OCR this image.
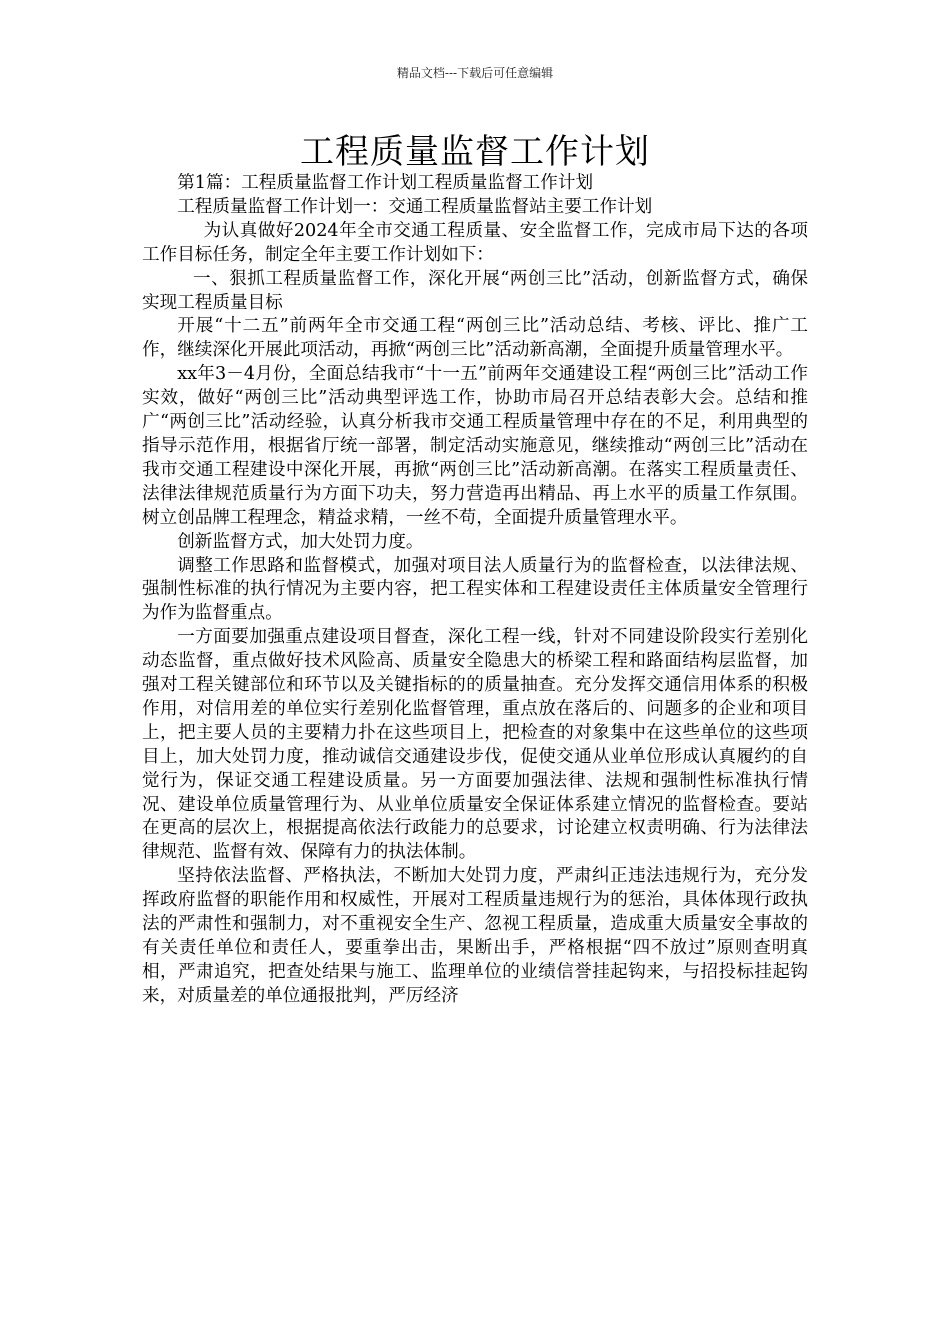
精品文档---下载后可任意编辑
工程质量监督工作计划

第1篇：工程质量监督工作计划工程质量监督工作计划

工程质量监督工作计划一：交通工程质量监督站主要工作计划

为认真做好2024年全市交通工程质量、安全监督工作，完成市局下达的各项工作目标任务，制定全年主要工作计划如下：

一、狠抓工程质量监督工作，深化开展“两创三比”活动，创新监督方式，确保实现工程质量目标

开展“十二五”前两年全市交通工程“两创三比”活动总结、考核、评比、推广工作，继续深化开展此项活动，再掀“两创三比”活动新高潮，全面提升质量管理水平。

xx年3－4月份，全面总结我市“十一五”前两年交通建设工程“两创三比”活动工作实效，做好“两创三比”活动典型评选工作，协助市局召开总结表彰大会。总结和推广“两创三比”活动经验，认真分析我市交通工程质量管理中存在的不足，利用典型的指导示范作用，根据省厅统一部署，制定活动实施意见，继续推动“两创三比”活动在我市交通工程建设中深化开展，再掀“两创三比”活动新高潮。在落实工程质量责任、法律法律规范质量行为方面下功夫，努力营造再出精品、再上水平的质量工作氛围。树立创品牌工程理念，精益求精，一丝不苟，全面提升质量管理水平。

创新监督方式，加大处罚力度。

调整工作思路和监督模式，加强对项目法人质量行为的监督检查，以法律法规、强制性标准的执行情况为主要内容，把工程实体和工程建设责任主体质量安全管理行为作为监督重点。

一方面要加强重点建设项目督查，深化工程一线，针对不同建设阶段实行差别化动态监督，重点做好技术风险高、质量安全隐患大的桥梁工程和路面结构层监督，加强对工程关键部位和环节以及关键指标的的质量抽查。充分发挥交通信用体系的积极作用，对信用差的单位实行差别化监督管理，重点放在落后的、问题多的企业和项目上，把主要人员的主要精力扑在这些项目上，把检查的对象集中在这些单位的这些项目上，加大处罚力度，推动诚信交通建设步伐，促使交通从业单位形成认真履约的自觉行为，保证交通工程建设质量。另一方面要加强法律、法规和强制性标准执行情况、建设单位质量管理行为、从业单位质量安全保证体系建立情况的监督检查。要站在更高的层次上，根据提高依法行政能力的总要求，讨论建立权责明确、行为法律法律规范、监督有效、保障有力的执法体制。

坚持依法监督、严格执法，不断加大处罚力度，严肃纠正违法违规行为，充分发挥政府监督的职能作用和权威性，开展对工程质量违规行为的惩治，具体体现行政执法的严肃性和强制力，对不重视安全生产、忽视工程质量，造成重大质量安全事故的有关责任单位和责任人，要重拳出击，果断出手，严格根据“四不放过”原则查明真相，严肃追究，把查处结果与施工、监理单位的业绩信誉挂起钩来，与招投标挂起钩来，对质量差的单位通报批判，严厉经济
